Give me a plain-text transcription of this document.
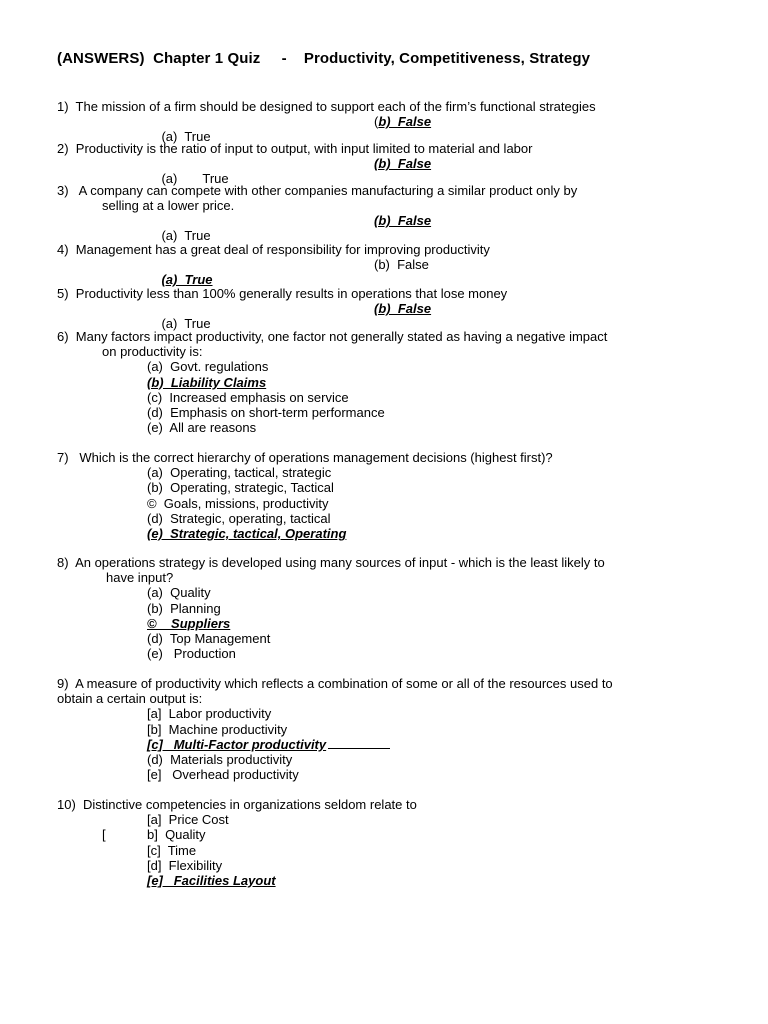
(ANSWERS)  Chapter 1 Quiz     -    Productivity, Competitiveness, Strategy
1)  The mission of a firm should be designed to support each of the firm’s functional strategies

(a)  True

(b)  False

2)  Productivity is the ratio of input to output, with input limited to material and labor

(a)       True

(b)  False

3)   A company can compete with other companies manufacturing a similar product only by
selling at a lower price.

(a)  True

(b)  False

4)  Management has a great deal of responsibility for improving productivity

(a)  True

(b)  False

5)  Productivity less than 100% generally results in operations that lose money

(a)  True

(b)  False

6)  Many factors impact productivity, one factor not generally stated as having a negative impact
on productivity is:
(a)  Govt. regulations
(b)  Liability Claims
(c)  Increased emphasis on service
(d)  Emphasis on short-term performance
(e)  All are reasons
7)   Which is the correct hierarchy of operations management decisions (highest first)?
(a)  Operating, tactical, strategic
(b)  Operating, strategic, Tactical
©  Goals, missions, productivity
(d)  Strategic, operating, tactical
(e)  Strategic, tactical, Operating
8)  An operations strategy is developed using many sources of input - which is the least likely to
have input?
(a)  Quality
(b)  Planning
©    Suppliers
(d)  Top Management
(e)   Production
9)  A measure of productivity which reflects a combination of some or all of the resources used to
obtain a certain output is:
[a]  Labor productivity
[b]  Machine productivity
[c]   Multi-Factor productivity
(d)  Materials productivity
[e]   Overhead productivity
10)  Distinctive competencies in organizations seldom relate to
[a]  Price Cost
[	b]  Quality
[c]  Time
[d]  Flexibility
[e]   Facilities Layout
